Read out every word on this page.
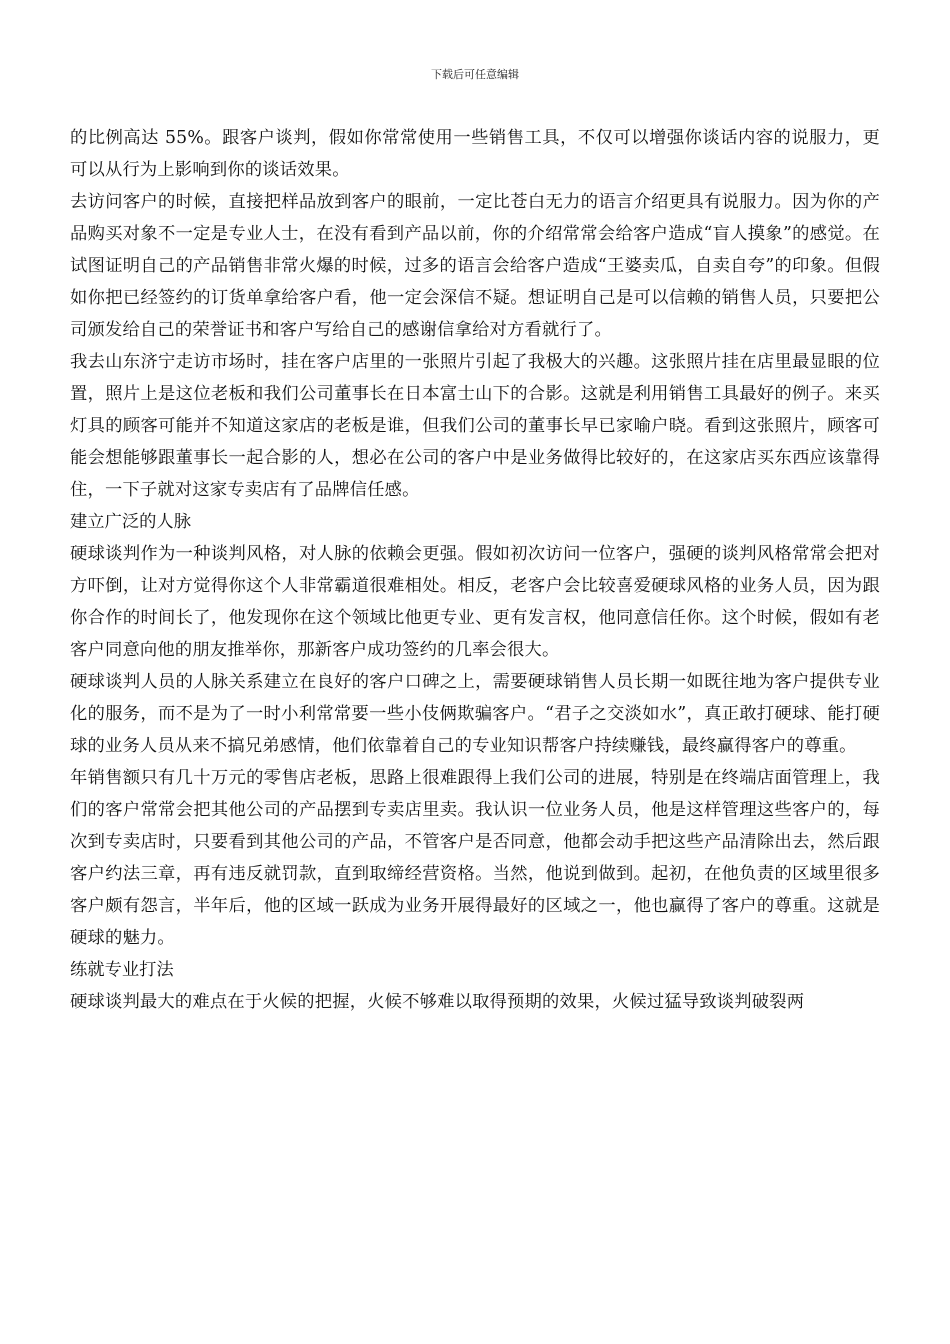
下载后可任意编辑

的比例高达 55%。跟客户谈判，假如你常常使用一些销售工具，不仅可以增强你谈话内容的说服力，更可以从行为上影响到你的谈话效果。

去访问客户的时候，直接把样品放到客户的眼前，一定比苍白无力的语言介绍更具有说服力。因为你的产品购买对象不一定是专业人士，在没有看到产品以前，你的介绍常常会给客户造成“盲人摸象”的感觉。在试图证明自己的产品销售非常火爆的时候，过多的语言会给客户造成“王婆卖瓜，自卖自夸”的印象。但假如你把已经签约的订货单拿给客户看，他一定会深信不疑。想证明自己是可以信赖的销售人员，只要把公司颁发给自己的荣誉证书和客户写给自己的感谢信拿给对方看就行了。

我去山东济宁走访市场时，挂在客户店里的一张照片引起了我极大的兴趣。这张照片挂在店里最显眼的位置，照片上是这位老板和我们公司董事长在日本富士山下的合影。这就是利用销售工具最好的例子。来买灯具的顾客可能并不知道这家店的老板是谁，但我们公司的董事长早已家喻户晓。看到这张照片，顾客可能会想能够跟董事长一起合影的人，想必在公司的客户中是业务做得比较好的，在这家店买东西应该靠得住，一下子就对这家专卖店有了品牌信任感。

建立广泛的人脉

硬球谈判作为一种谈判风格，对人脉的依赖会更强。假如初次访问一位客户，强硬的谈判风格常常会把对方吓倒，让对方觉得你这个人非常霸道很难相处。相反，老客户会比较喜爱硬球风格的业务人员，因为跟你合作的时间长了，他发现你在这个领域比他更专业、更有发言权，他同意信任你。这个时候，假如有老客户同意向他的朋友推举你，那新客户成功签约的几率会很大。

硬球谈判人员的人脉关系建立在良好的客户口碑之上，需要硬球销售人员长期一如既往地为客户提供专业化的服务，而不是为了一时小利常常要一些小伎俩欺骗客户。“君子之交淡如水”，真正敢打硬球、能打硬球的业务人员从来不搞兄弟感情，他们依靠着自己的专业知识帮客户持续赚钱，最终赢得客户的尊重。

年销售额只有几十万元的零售店老板，思路上很难跟得上我们公司的进展，特别是在终端店面管理上，我们的客户常常会把其他公司的产品摆到专卖店里卖。我认识一位业务人员，他是这样管理这些客户的，每次到专卖店时，只要看到其他公司的产品，不管客户是否同意，他都会动手把这些产品清除出去，然后跟客户约法三章，再有违反就罚款，直到取缔经营资格。当然，他说到做到。起初，在他负责的区域里很多客户颇有怨言，半年后，他的区域一跃成为业务开展得最好的区域之一，他也赢得了客户的尊重。这就是硬球的魅力。

练就专业打法

硬球谈判最大的难点在于火候的把握，火候不够难以取得预期的效果，火候过猛导致谈判破裂两
